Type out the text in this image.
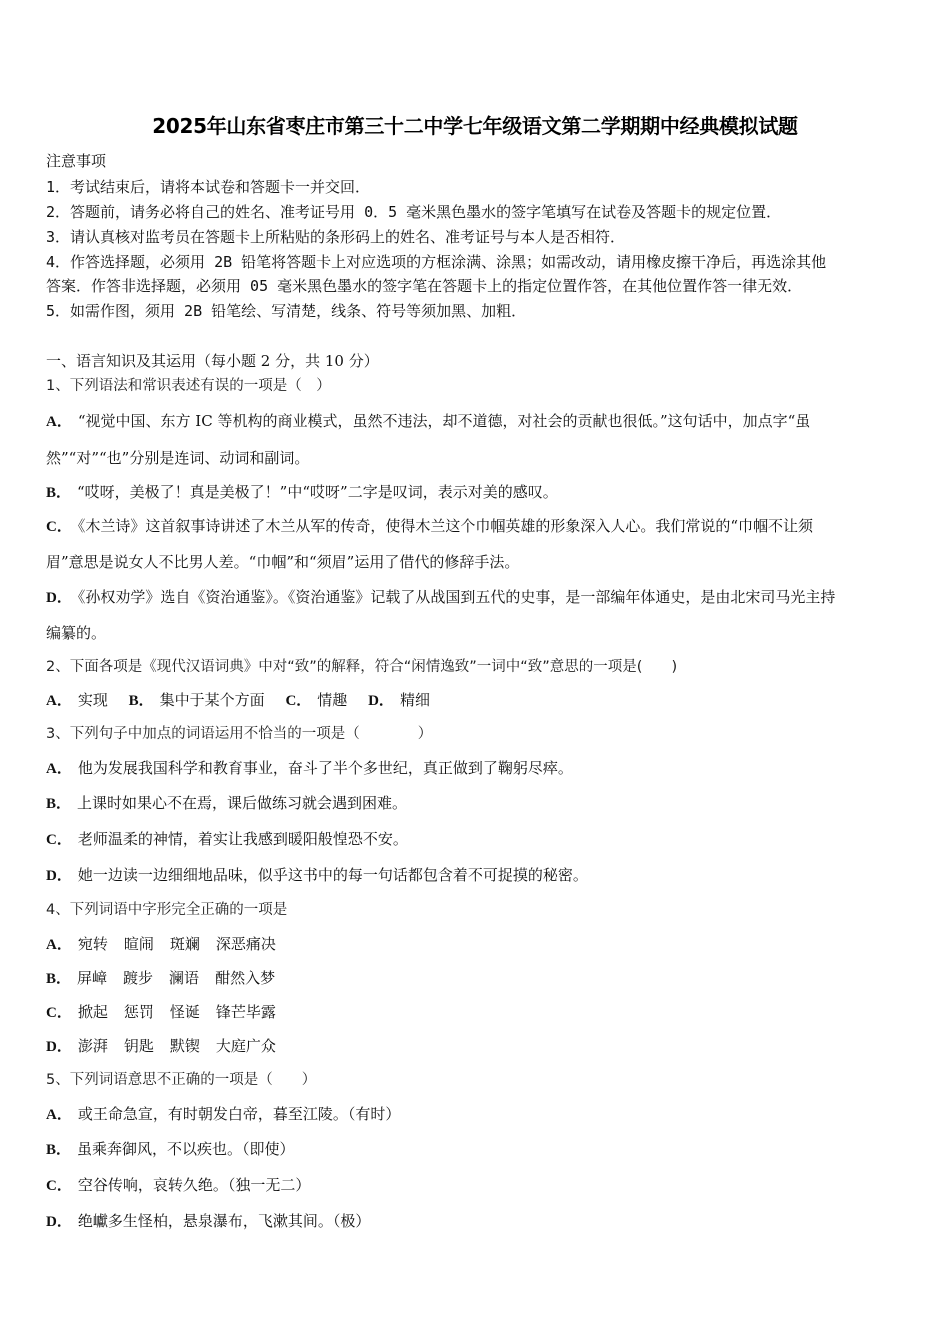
2025年山东省枣庄市第三十二中学七年级语文第二学期期中经典模拟试题
注意事项
1．考试结束后，请将本试卷和答题卡一并交回．
2．答题前，请务必将自己的姓名、准考证号用 0．5 毫米黑色墨水的签字笔填写在试卷及答题卡的规定位置．
3．请认真核对监考员在答题卡上所粘贴的条形码上的姓名、准考证号与本人是否相符．
4．作答选择题，必须用 2B 铅笔将答题卡上对应选项的方框涂满、涂黑；如需改动，请用橡皮擦干净后，再选涂其他
答案．作答非选择题，必须用 05 毫米黑色墨水的签字笔在答题卡上的指定位置作答，在其他位置作答一律无效．
5．如需作图，须用 2B 铅笔绘、写清楚，线条、符号等须加黑、加粗．
一、语言知识及其运用（每小题 2 分，共 10 分）
1、下列语法和常识表述有误的一项是（　）
A． “视觉中国、东方 IC 等机构的商业模式，虽然不违法，却不道德，对社会的贡献也很低。”这句话中，加点字“虽
然”“对”“也”分别是连词、动词和副词。
B． “哎呀，美极了！真是美极了！”中“哎呀”二字是叹词，表示对美的感叹。
C． 《木兰诗》这首叙事诗讲述了木兰从军的传奇，使得木兰这个巾帼英雄的形象深入人心。我们常说的“巾帼不让须
眉”意思是说女人不比男人差。“巾帼”和“须眉”运用了借代的修辞手法。
D． 《孙权劝学》选自《资治通鉴》。《资治通鉴》记载了从战国到五代的史事，是一部编年体通史，是由北宋司马光主持
编纂的。
2、下面各项是《现代汉语词典》中对“致”的解释，符合“闲情逸致”一词中“致”意思的一项是(　　)
A． 实现 B． 集中于某个方面 C． 情趣 D． 精细
3、下列句子中加点的词语运用不恰当的一项是（　　　　）
A． 他为发展我国科学和教育事业，奋斗了半个多世纪，真正做到了鞠躬尽瘁。
B． 上课时如果心不在焉，课后做练习就会遇到困难。
C． 老师温柔的神情，着实让我感到暖阳般惶恐不安。
D． 她一边读一边细细地品味，似乎这书中的每一句话都包含着不可捉摸的秘密。
4、下列词语中字形完全正确的一项是
A． 宛转 暄闹 斑斓 深恶痛决
B． 屏嶂 踱步 澜语 酣然入梦
C． 掀起 惩罚 怪诞 锋芒毕露
D． 澎湃 钥匙 默锲 大庭广众
5、下列词语意思不正确的一项是（　　）
A． 或王命急宣，有时朝发白帝，暮至江陵。（有时）
B． 虽乘奔御风，不以疾也。（即使）
C． 空谷传响，哀转久绝。（独一无二）
D． 绝巘多生怪柏，悬泉瀑布，飞漱其间。（极）
